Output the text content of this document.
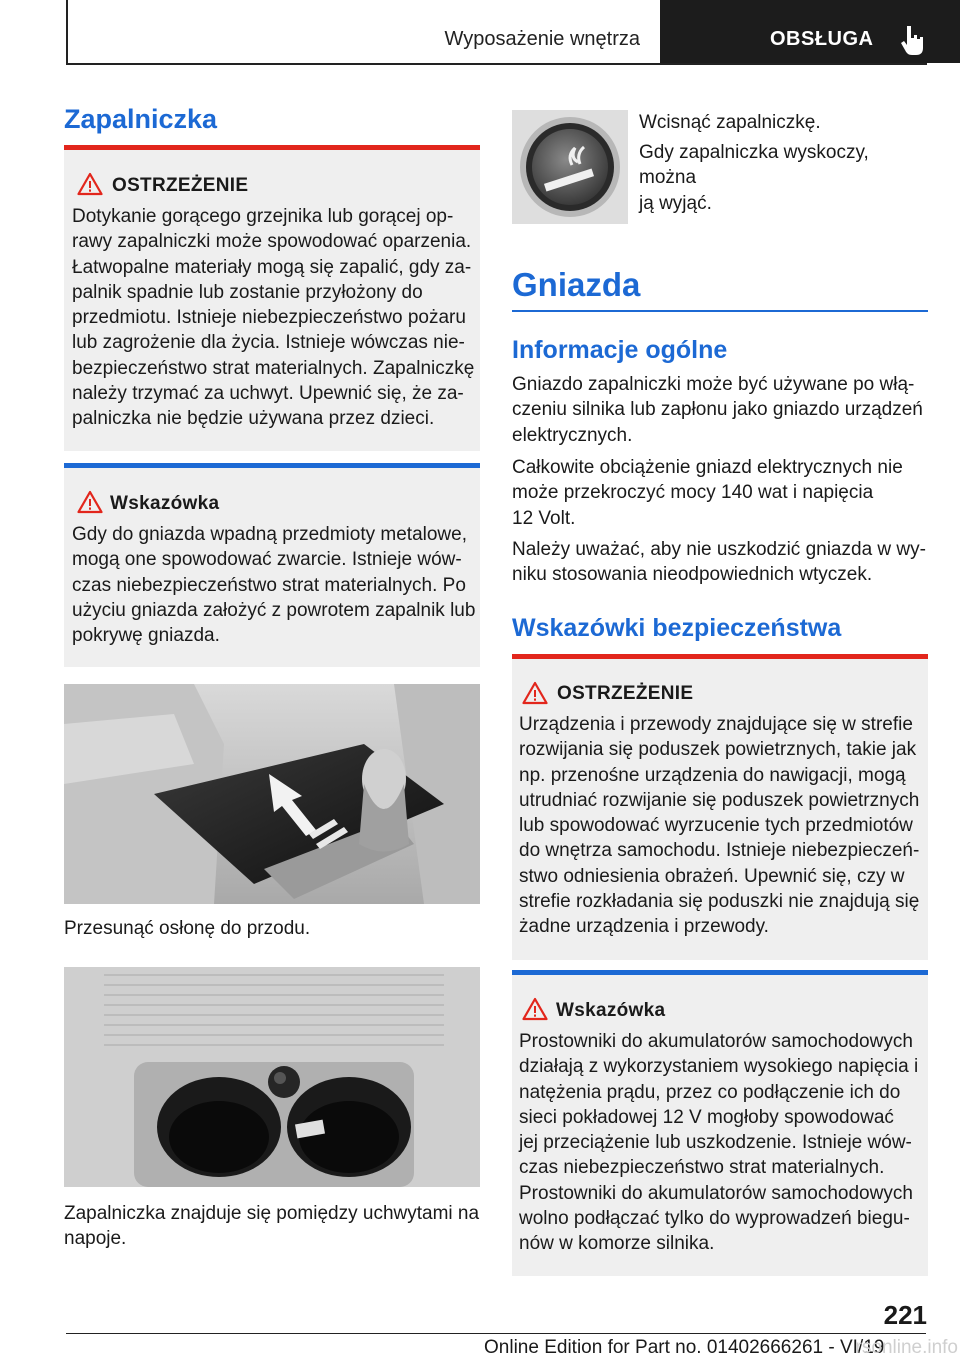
Wyposażenie wnętrza	OBSŁUGA
Zapalniczka
OSTRZEŻENIE
Dotykanie gorącego grzejnika lub gorącej op-
rawy zapalniczki może spowodować oparzenia.
Łatwopalne materiały mogą się zapalić, gdy za-
palnik spadnie lub zostanie przyłożony do
przedmiotu. Istnieje niebezpieczeństwo pożaru
lub zagrożenie dla życia. Istnieje wówczas nie-
bezpieczeństwo strat materialnych. Zapalniczkę
należy trzymać za uchwyt. Upewnić się, że za-
palniczka nie będzie używana przez dzieci.
Wskazówka
Gdy do gniazda wpadną przedmioty metalowe,
mogą one spowodować zwarcie. Istnieje wów-
czas niebezpieczeństwo strat materialnych. Po
użyciu gniazda założyć z powrotem zapalnik lub
pokrywę gniazda.
Przesunąć osłonę do przodu.
Zapalniczka znajduje się pomiędzy uchwytami na
napoje.
Wcisnąć zapalniczkę.
Gdy zapalniczka wyskoczy, można
ją wyjąć.
Gniazda
Informacje ogólne
Gniazdo zapalniczki może być używane po włą-
czeniu silnika lub zapłonu jako gniazdo urządzeń
elektrycznych.
Całkowite obciążenie gniazd elektrycznych nie
może przekroczyć mocy 140 wat i napięcia
12 Volt.
Należy uważać, aby nie uszkodzić gniazda w wy-
niku stosowania nieodpowiednich wtyczek.
Wskazówki bezpieczeństwa
OSTRZEŻENIE
Urządzenia i przewody znajdujące się w strefie
rozwijania się poduszek powietrznych, takie jak
np. przenośne urządzenia do nawigacji, mogą
utrudniać rozwijanie się poduszek powietrznych
lub spowodować wyrzucenie tych przedmiotów
do wnętrza samochodu. Istnieje niebezpieczeń-
stwo odniesienia obrażeń. Upewnić się, czy w
strefie rozkładania się poduszki nie znajdują się
żadne urządzenia i przewody.
Wskazówka
Prostowniki do akumulatorów samochodowych
działają z wykorzystaniem wysokiego napięcia i
natężenia prądu, przez co podłączenie ich do
sieci pokładowej 12 V mogłoby spowodować
jej przeciążenie lub uszkodzenie. Istnieje wów-
czas niebezpieczeństwo strat materialnych.
Prostowniki do akumulatorów samochodowych
wolno podłączać tylko do wyprowadzeń biegu-
nów w komorze silnika.
221
Online Edition for Part no. 01402666261 - VI/19
rsonline.info
